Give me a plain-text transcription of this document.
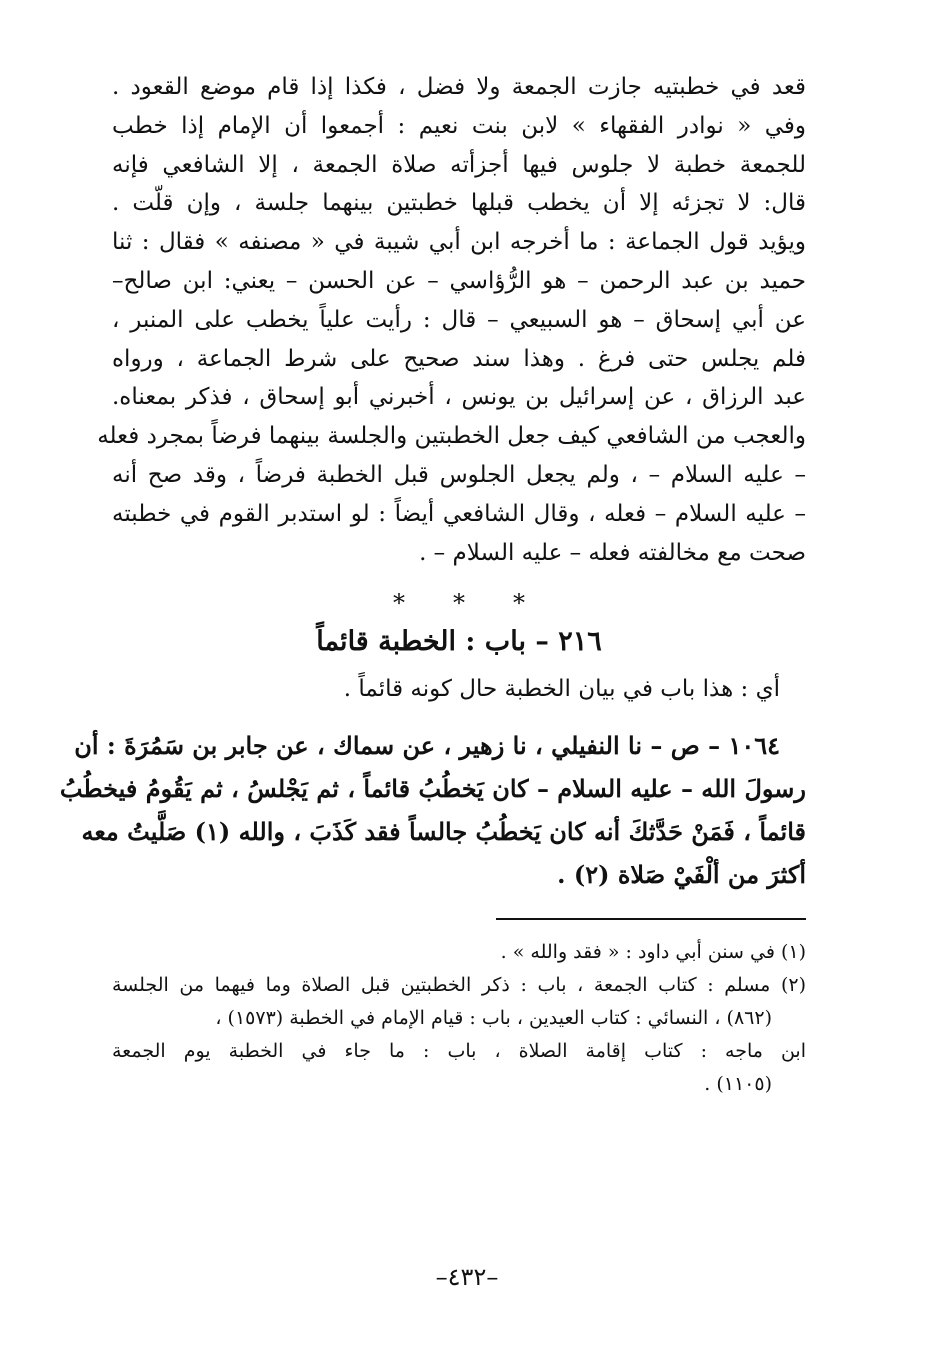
قعد في خطبتيه جازت الجمعة ولا فضل ، فكذا إذا قام موضع القعود .
وفي « نوادر الفقهاء » لابن بنت نعيم : أجمعوا أن الإمام إذا خطب
للجمعة خطبة لا جلوس فيها أجزأته صلاة الجمعة ، إلا الشافعي فإنه
قال: لا تجزئه إلا أن يخطب قبلها خطبتين بينهما جلسة ، وإن قلّت .
ويؤيد قول الجماعة : ما أخرجه ابن أبي شيبة في « مصنفه » فقال : ثنا
حميد بن عبد الرحمن – هو الرُّؤاسي – عن الحسن – يعني: ابن صالح–
عن أبي إسحاق – هو السبيعي – قال : رأيت علياً يخطب على المنبر ،
فلم يجلس حتى فرغ . وهذا سند صحيح على شرط الجماعة ، ورواه
عبد الرزاق ، عن إسرائيل بن يونس ، أخبرني أبو إسحاق ، فذكر بمعناه.
والعجب من الشافعي كيف جعل الخطبتين والجلسة بينهما فرضاً بمجرد فعله
– عليه السلام – ، ولم يجعل الجلوس قبل الخطبة فرضاً ، وقد صح أنه
– عليه السلام – فعله ، وقال الشافعي أيضاً : لو استدبر القوم في خطبته
صحت مع مخالفته فعله – عليه السلام – .
*
*
*
٢١٦ – باب : الخطبة قائماً
أي : هذا باب في بيان الخطبة حال كونه قائماً .
١٠٦٤ – ص – نا النفيلي ، نا زهير ، عن سماك ، عن جابر بن سَمُرَةَ : أن
رسولَ الله – عليه السلام – كان يَخطُبُ قائماً ، ثم يَجْلسُ ، ثم يَقُومُ فيخطُبُ
قائماً ، فَمَنْ حَدَّثكَ أنه كان يَخطُبُ جالساً فقد كَذَبَ ، والله (١) صَلَّيتُ معه
أكثرَ من ألْفَيْ صَلاة (٢) .
(١) في سنن أبي داود : « فقد والله » .
(٢) مسلم : كتاب الجمعة ، باب : ذكر الخطبتين قبل الصلاة وما فيهما من الجلسة
(٨٦٢) ، النسائي : كتاب العيدين ، باب : قيام الإمام في الخطبة (١٥٧٣) ،
ابن ماجه : كتاب إقامة الصلاة ، باب : ما جاء في الخطبة يوم الجمعة
(١١٠٥) .
–٤٣٢–
